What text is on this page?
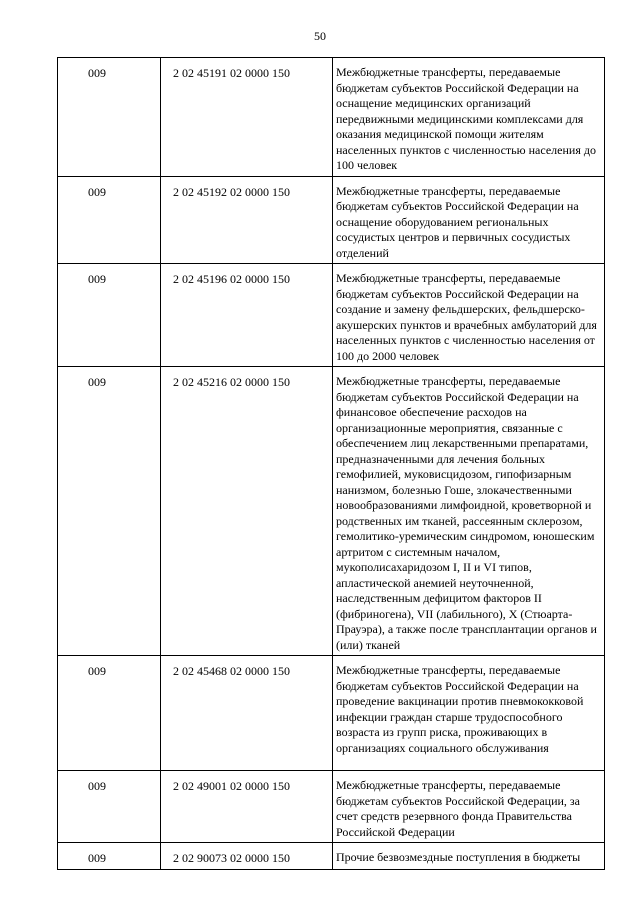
50
009	2 02 45191 02 0000 150	Межбюджетные трансферты, передаваемые бюджетам субъектов Российской Федерации на оснащение медицинских организаций передвижными медицинскими комплексами для оказания медицинской помощи жителям населенных пунктов с численностью населения до 100 человек

009	2 02 45192 02 0000 150	Межбюджетные трансферты, передаваемые бюджетам субъектов Российской Федерации на оснащение оборудованием региональных сосудистых центров и первичных сосудистых отделений

009	2 02 45196 02 0000 150	Межбюджетные трансферты, передаваемые бюджетам субъектов Российской Федерации на создание и замену фельдшерских, фельдшерско-акушерских пунктов и врачебных амбулаторий для населенных пунктов с численностью населения от 100 до 2000 человек

009	2 02 45216 02 0000 150	Межбюджетные трансферты, передаваемые бюджетам субъектов Российской Федерации на финансовое обеспечение расходов на организационные мероприятия, связанные с обеспечением лиц лекарственными препаратами, предназначенными для лечения больных гемофилией, муковисцидозом, гипофизарным нанизмом, болезнью Гоше, злокачественными новообразованиями лимфоидной, кроветворной и родственных им тканей, рассеянным склерозом, гемолитико-уремическим синдромом, юношеским артритом с системным началом, мукополисахаридозом I, II и VI типов, апластической анемией неуточненной, наследственным дефицитом факторов II (фибриногена), VII (лабильного), X (Стюарта-Прауэра), а также после трансплантации органов и (или) тканей

009	2 02 45468 02 0000 150	Межбюджетные трансферты, передаваемые бюджетам субъектов Российской Федерации на проведение вакцинации против пневмококковой инфекции граждан старше трудоспособного возраста из групп риска, проживающих в организациях социального обслуживания

009	2 02 49001 02 0000 150	Межбюджетные трансферты, передаваемые бюджетам субъектов Российской Федерации, за счет средств резервного фонда Правительства Российской Федерации

009	2 02 90073 02 0000 150	Прочие безвозмездные поступления в бюджеты
